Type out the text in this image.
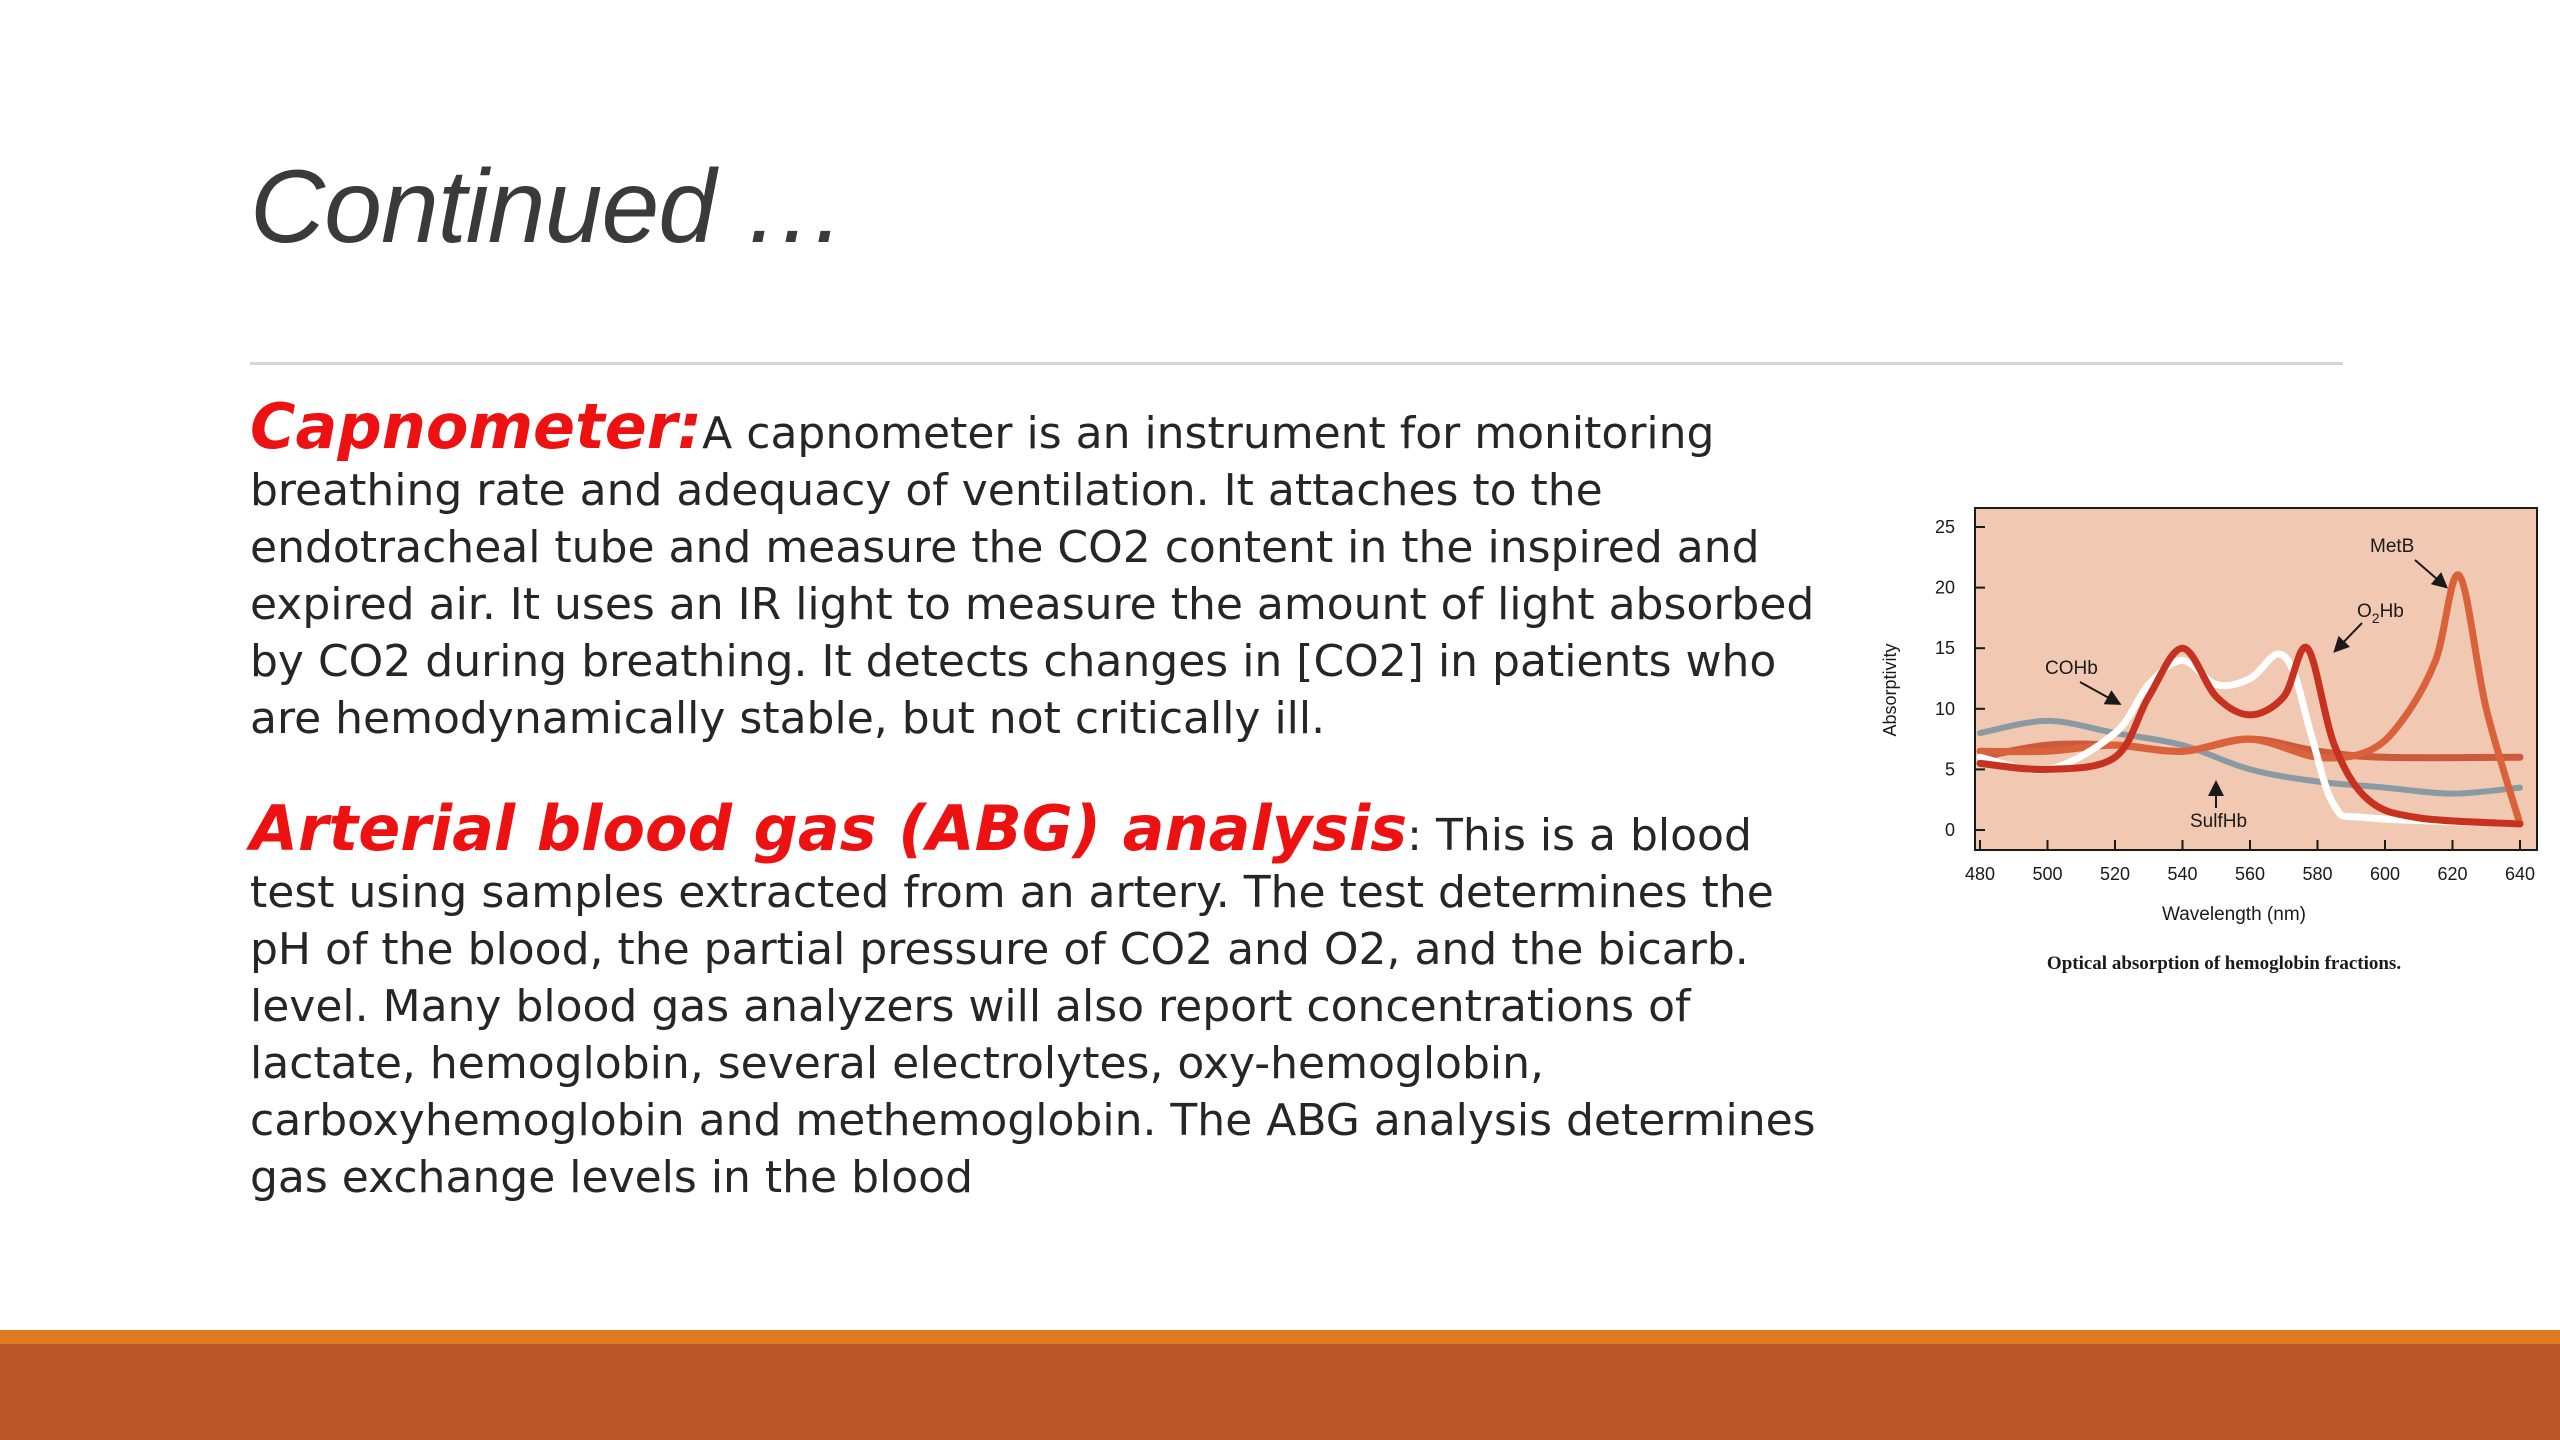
Continued …

Capnometer:A capnometer is an instrument for monitoring breathing rate and adequacy of ventilation. It attaches to the endotracheal tube and measure the CO2 content in the inspired and expired air. It uses an IR light to measure the amount of light absorbed by CO2 during breathing. It detects changes in [CO2] in patients who are hemodynamically stable, but not critically ill.

Arterial blood gas (ABG) analysis: This is a blood test using samples extracted from an artery. The test determines the pH of the blood, the partial pressure of CO2 and O2, and the bicarb. level. Many blood gas analyzers will also report concentrations of lactate, hemoglobin, several electrolytes, oxy-hemoglobin, carboxyhemoglobin and methemoglobin. The ABG analysis determines gas exchange levels in the blood

0
5
10
15
20
25
480 500 520 540 560 580 600 620 640
Absorptivity
Wavelength (nm)
MetB
$O_2Hb$
COHb
SulfHb
Optical absorption of hemoglobin fractions.
